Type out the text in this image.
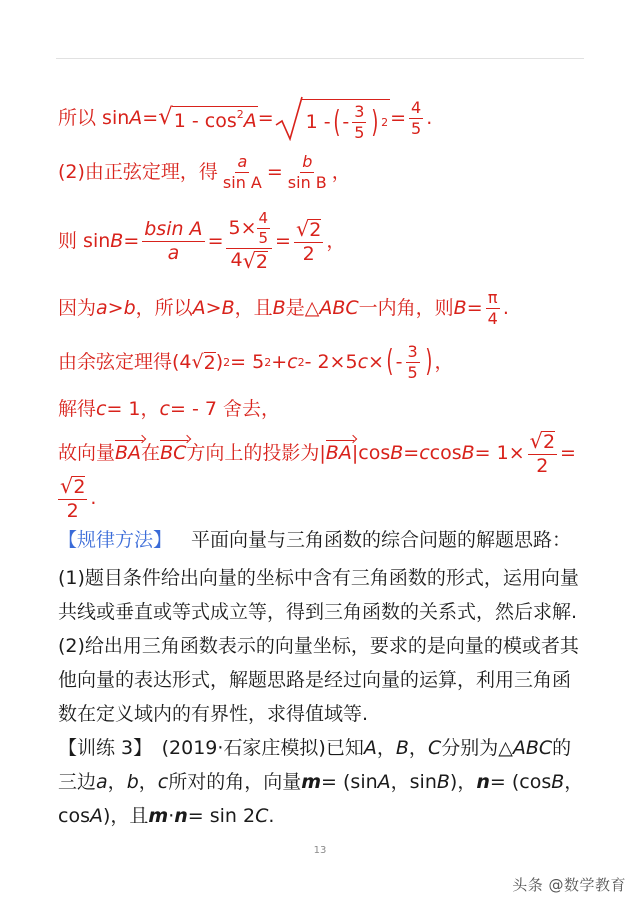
所以 sin A = √ $1 - \cos^2A = 1$ - ( - $\frac{3}{5}$ ) $2 = \frac{4}{5}$ .
(2)由正弦定理，得 $\frac{a}{\text{sin A}} = \frac{b}{\text{sin B}}$ ，
则 $\sin B = \frac{\text{bsin A}}{a} = \frac{5\times \frac{4}{5}}{4 √ 2} = \frac{√ 2}{2}$ ，
因为 a > b ，所以 A > B ，且 B 是△ ABC 一内角，则 $B = \frac{\pi}{4}$ .
由余弦定理得(4 √ 2 ) 2 = 5 2 + c 2 - 2×5 c × ( - $\frac{3}{5}$ ) ，
解得 c = 1， c = - 7 舍去，
故向量 BA 在 BC 方向上的投影为| BA |cos B = c $\cos B = 1\times \frac{√ 2}{2}$ =
$\frac{√ 2}{2}$ .
【规律方法】 　平面向量与三角函数的综合问题的解题思路：
(1)题目条件给出向量的坐标中含有三角函数的形式，运用向量
共线或垂直或等式成立等，得到三角函数的关系式，然后求解.
(2)给出用三角函数表示的向量坐标，要求的是向量的模或者其
他向量的表达形式，解题思路是经过向量的运算，利用三角函
数在定义域内的有界性，求得值域等.
【训练 3】　(2019·石家庄模拟)已知 A ， B ， C 分别为△ ABC 的
三边 a ， b ， c 所对的角，向量 m = (sin A ，sin B )， n = (cos B ，
cos A )，且 m · n = sin 2 C .
13
头条 @数学教育
